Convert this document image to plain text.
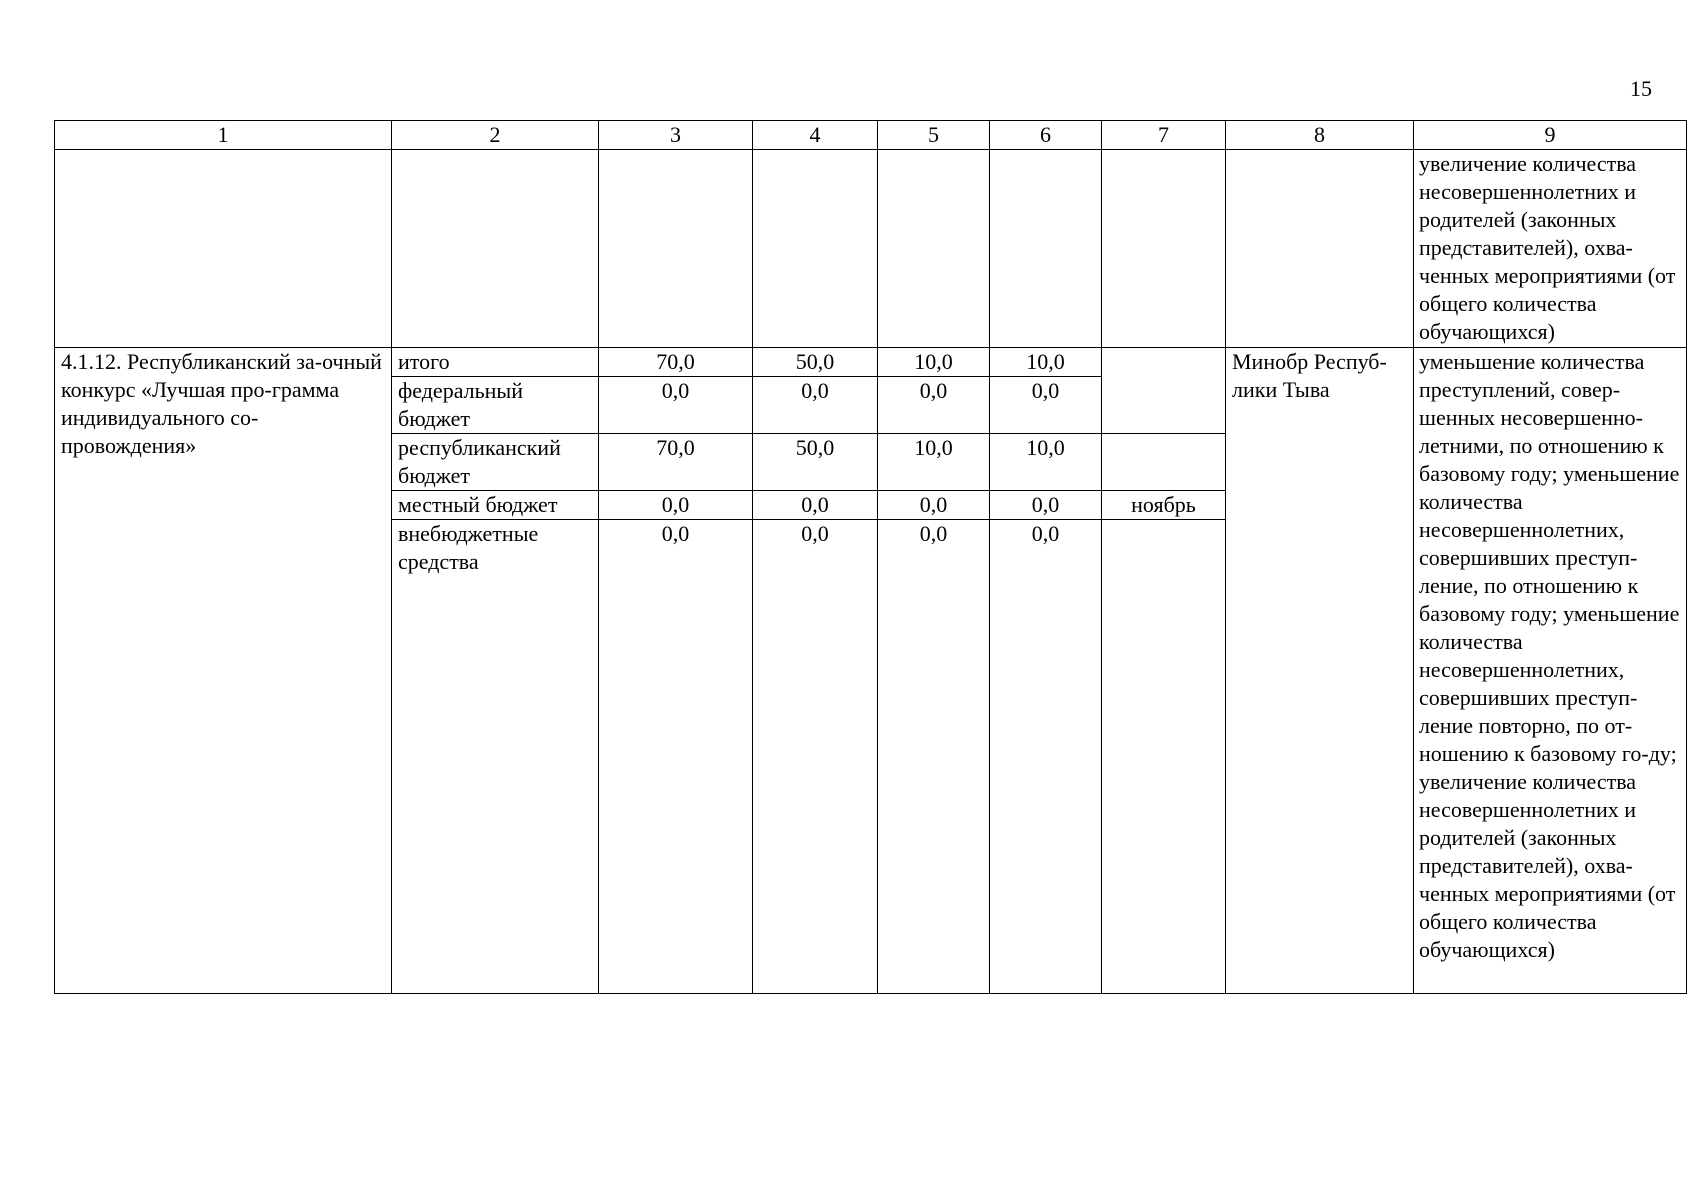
15
1	2	3	4	5	6	7	8	9
								увеличение количества несовершеннолетних и родителей (законных представителей), охва-ченных мероприятиями (от общего количества обучающихся)
4.1.12. Республиканский за-очный конкурс «Лучшая про-грамма индивидуального со-провождения»	итого	70,0	50,0	10,0	10,0		Минобр Респуб-лики Тыва	уменьшение количества преступлений, совер-шенных несовершенно-летними, по отношению к базовому году; уменьшение количества несовершеннолетних, совершивших преступ-ление, по отношению к базовому году; уменьшение количества несовершеннолетних, совершивших преступ-ление повторно, по от-ношению к базовому го-ду; увеличение количества несовершеннолетних и родителей (законных представителей), охва-ченных мероприятиями (от общего количества обучающихся)
	федеральный бюджет	0,0	0,0	0,0	0,0			
	республиканский бюджет	70,0	50,0	10,0	10,0			
	местный бюджет	0,0	0,0	0,0	0,0	ноябрь		
	внебюджетные средства	0,0	0,0	0,0	0,0			
